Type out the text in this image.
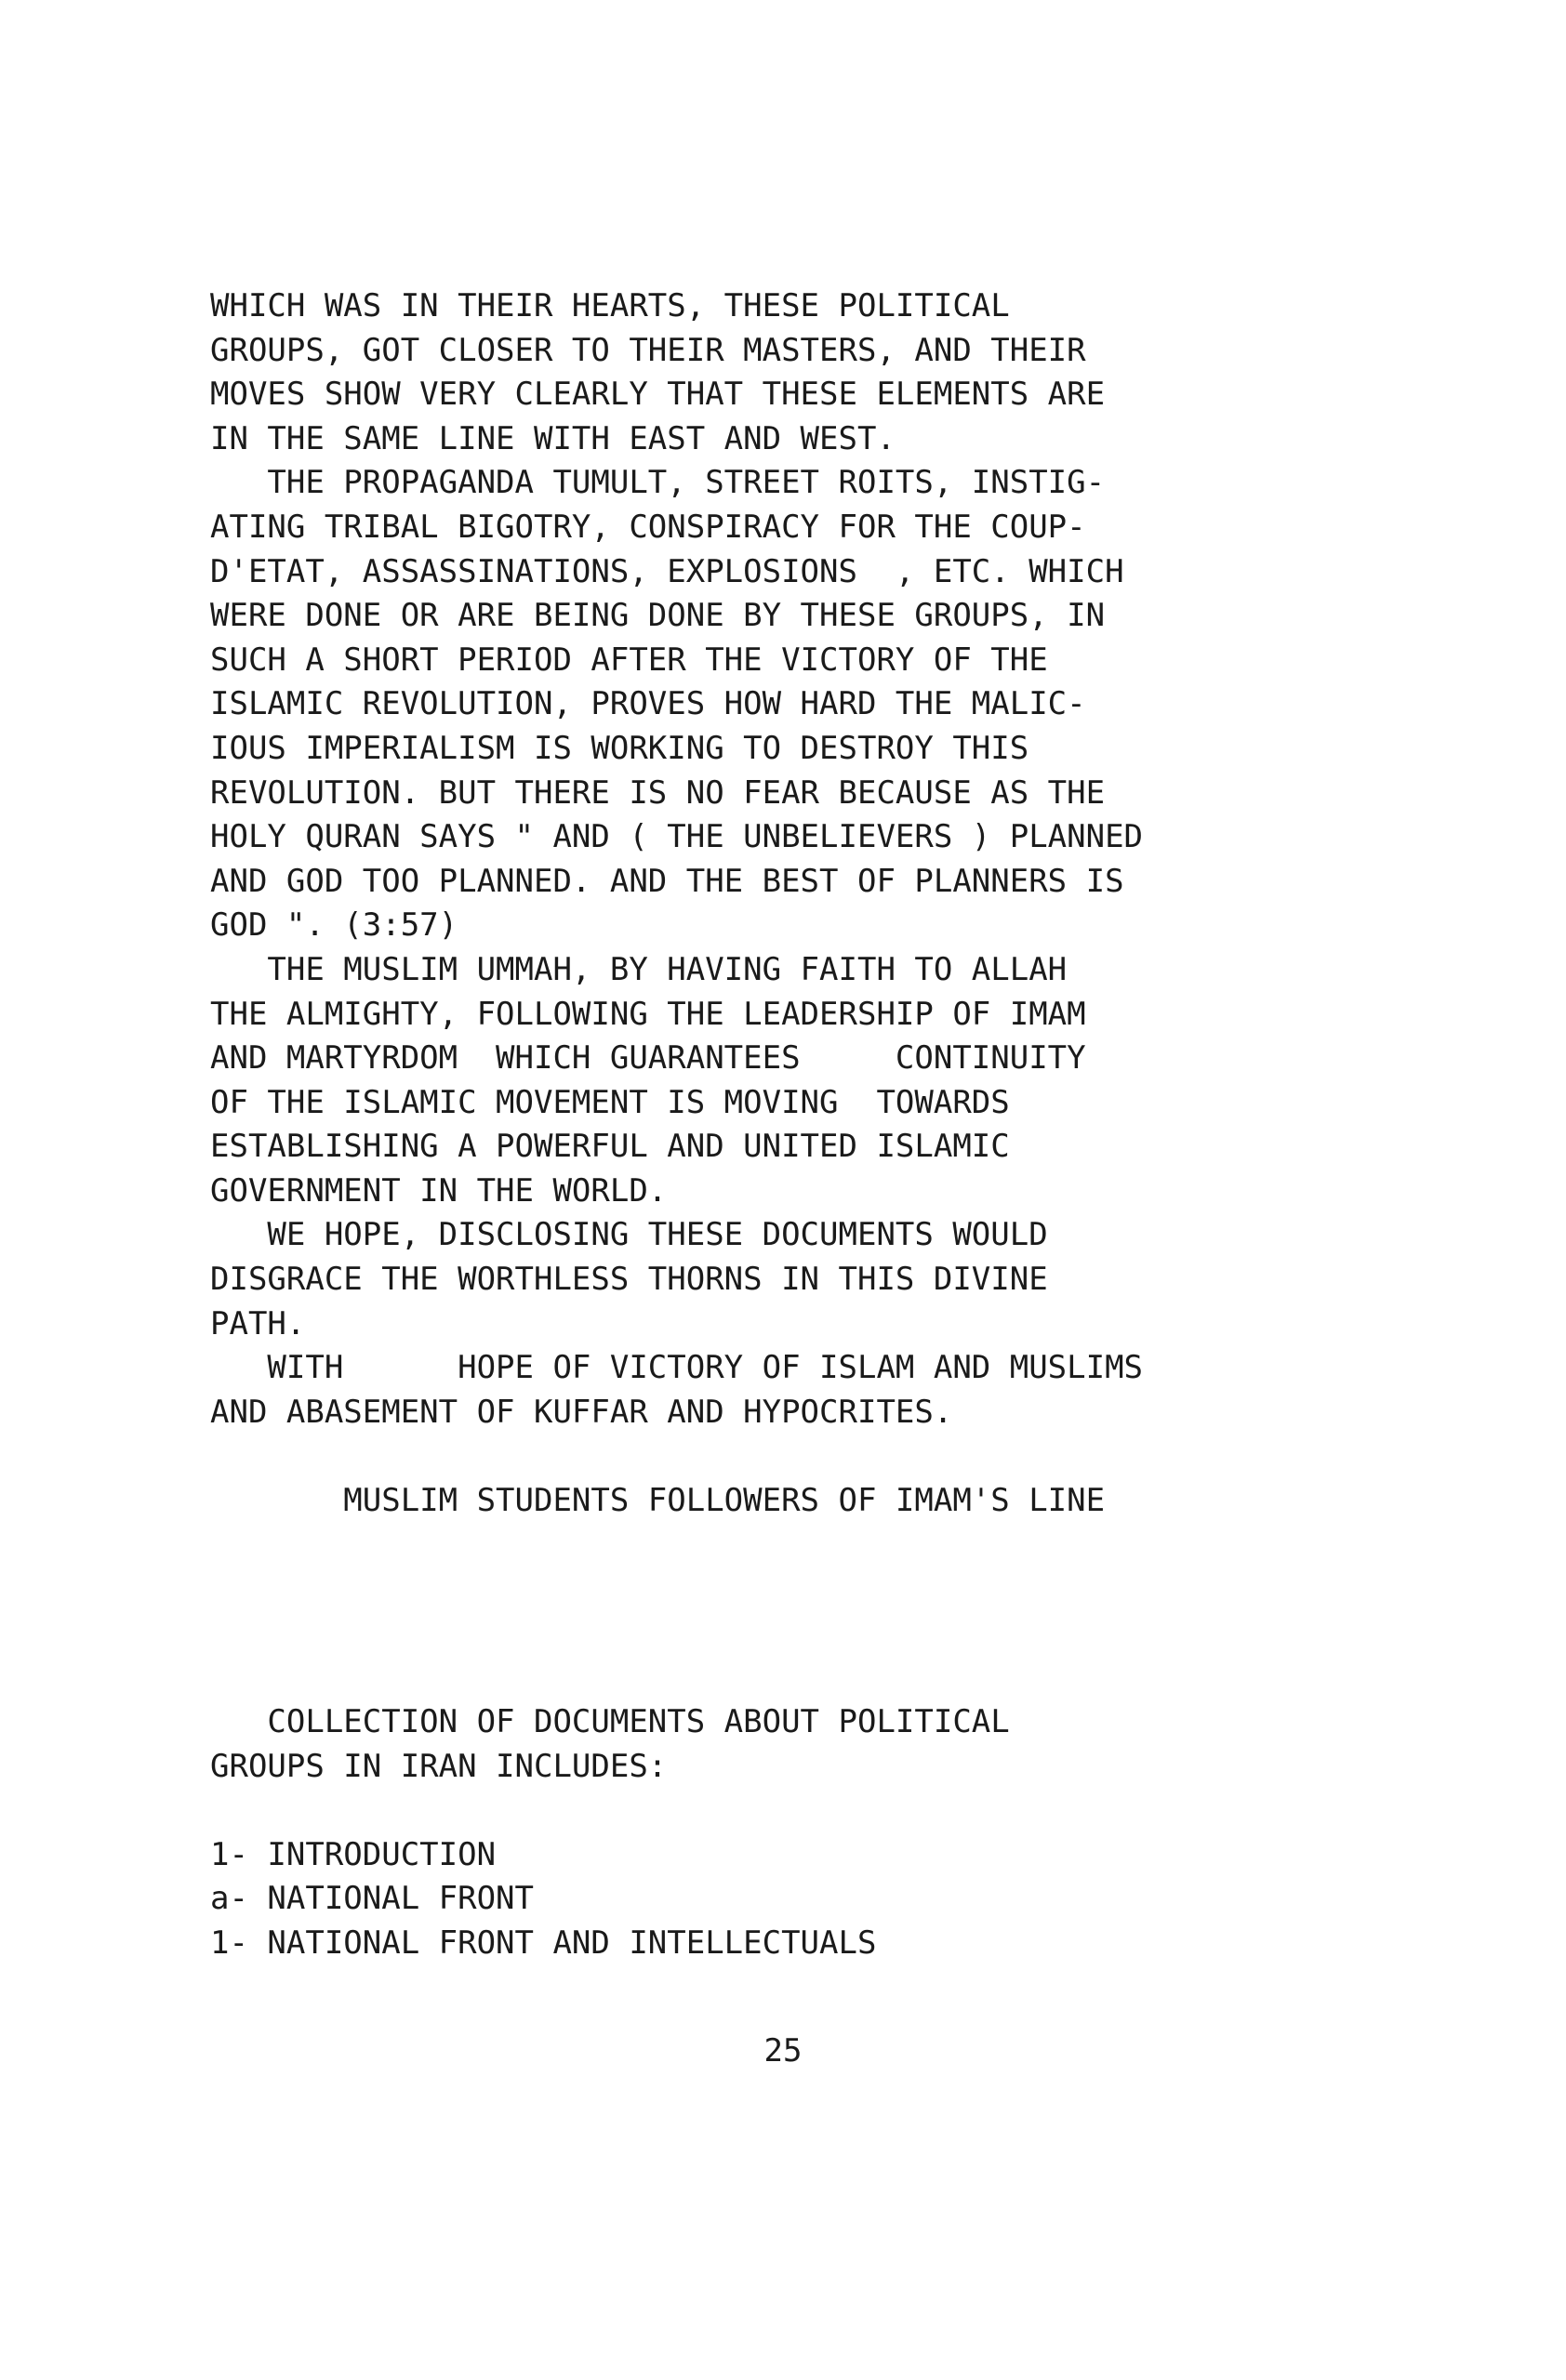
WHICH WAS IN THEIR HEARTS, THESE POLITICAL
GROUPS, GOT CLOSER TO THEIR MASTERS, AND THEIR
MOVES SHOW VERY CLEARLY THAT THESE ELEMENTS ARE
IN THE SAME LINE WITH EAST AND WEST.
THE PROPAGANDA TUMULT, STREET ROITS, INSTIG-
ATING TRIBAL BIGOTRY, CONSPIRACY FOR THE COUP-
D'ETAT, ASSASSINATIONS, EXPLOSIONS  , ETC. WHICH
WERE DONE OR ARE BEING DONE BY THESE GROUPS, IN
SUCH A SHORT PERIOD AFTER THE VICTORY OF THE
ISLAMIC REVOLUTION, PROVES HOW HARD THE MALIC-
IOUS IMPERIALISM IS WORKING TO DESTROY THIS
REVOLUTION. BUT THERE IS NO FEAR BECAUSE AS THE
HOLY QURAN SAYS " AND ( THE UNBELIEVERS ) PLANNED
AND GOD TOO PLANNED. AND THE BEST OF PLANNERS IS
GOD ". (3:57)
THE MUSLIM UMMAH, BY HAVING FAITH TO ALLAH
THE ALMIGHTY, FOLLOWING THE LEADERSHIP OF IMAM
AND MARTYRDOM  WHICH GUARANTEES     CONTINUITY
OF THE ISLAMIC MOVEMENT IS MOVING  TOWARDS
ESTABLISHING A POWERFUL AND UNITED ISLAMIC
GOVERNMENT IN THE WORLD.
WE HOPE, DISCLOSING THESE DOCUMENTS WOULD
DISGRACE THE WORTHLESS THORNS IN THIS DIVINE
PATH.
WITH      HOPE OF VICTORY OF ISLAM AND MUSLIMS
AND ABASEMENT OF KUFFAR AND HYPOCRITES.
MUSLIM STUDENTS FOLLOWERS OF IMAM'S LINE
COLLECTION OF DOCUMENTS ABOUT POLITICAL
GROUPS IN IRAN INCLUDES:
1- INTRODUCTION
a- NATIONAL FRONT
1- NATIONAL FRONT AND INTELLECTUALS
25
